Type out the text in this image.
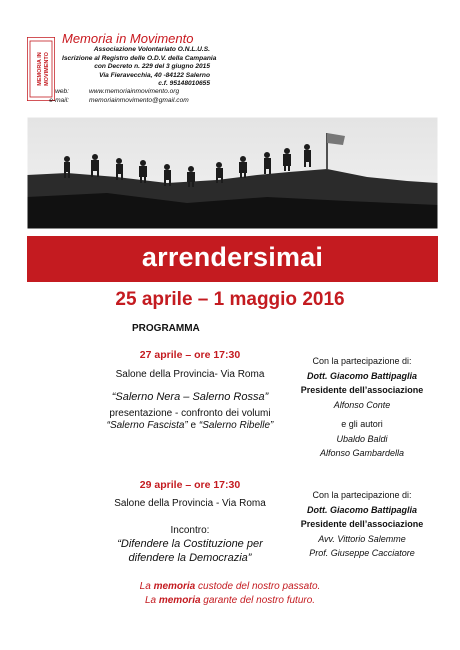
MEMORIA IN MOVIMENTO
Memoria in Movimento
Associazione Volontariato O.N.L.U.S.
Iscrizione al Registro delle O.D.V. della Campania
con Decreto n. 229 del 3 giugno 2015
Via Fieravecchia, 40 -84122 Salerno
c.f. 95148010655
web:	www.memoriainmovimento.org
e-mail:	memoriainmovimento@gmail.com
arrendersimai
25 aprile – 1 maggio 2016
PROGRAMMA
27 aprile – ore 17:30
Salone della Provincia- Via Roma
“Salerno Nera – Salerno Rossa”
presentazione - confronto dei volumi
“Salerno Fascista” e “Salerno Ribelle”
Con la partecipazione di:
Dott. Giacomo Battipaglia
Presidente dell’associazione
Alfonso Conte
e gli autori
Ubaldo Baldi
Alfonso Gambardella
29 aprile – ore 17:30
Salone della Provincia - Via Roma
Incontro:
“Difendere la Costituzione per
difendere la Democrazia”
Con la partecipazione di:
Dott. Giacomo Battipaglia
Presidente dell’associazione
Avv. Vittorio Salemme
Prof. Giuseppe Cacciatore
La memoria custode del nostro passato.
La memoria garante del nostro futuro.
